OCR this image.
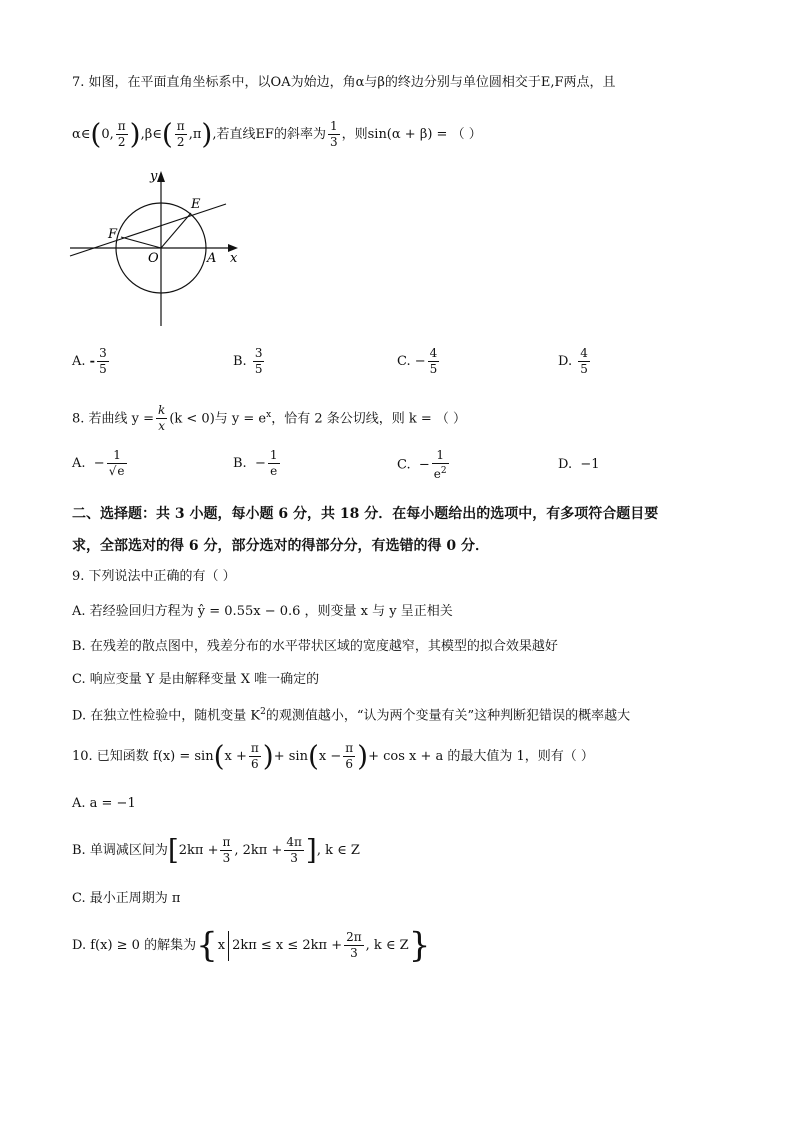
7. 如图，在平面直角坐标系中，以OA为始边，角α与β的终边分别与单位圆相交于E,F两点，且
α∈(0, $\frac{\pi}{2}$ ),β∈( $\frac{\pi}{2} ,\pi$),若直线EF的斜率为 $\frac{1}{3}$ ，则sin(α + β) = （ ）
y
x
E
F
O	A
A. - $\frac{3}{5}$	B. $\frac{3}{5}$	C. − $\frac{4}{5}$	D. $\frac{4}{5}$
8. 若曲线 $y = \frac{k}{x} (k < 0)$与 $y = e^x$，恰有 2 条公切线，则 k = （ ）
A. − $\frac{1}{√e}$	B. − $\frac{1}{e}$	C. − $\frac{1}{e^2}$	D. −1
二、选择题：共 3 小题，每小题 6 分，共 18 分．在每小题给出的选项中，有多项符合题目要
求，全部选对的得 6 分，部分选对的得部分分，有选错的得 0 分．
9. 下列说法中正确的有（ ）
A. 若经验回归方程为 ŷ = 0.55x − 0.6 ，则变量 x 与 y 呈正相关
B. 在残差的散点图中，残差分布的水平带状区域的宽度越窄，其模型的拟合效果越好
C. 响应变量 Y 是由解释变量 X 唯一确定的
D. 在独立性检验中，随机变量 $K^2$的观测值越小，“认为两个变量有关”这种判断犯错误的概率越大
10. 已知函数 $f(x) = \sin(x + \frac{\pi}{6}$ )+ $\sin(x - \frac{\pi}{6}$ )+ cos x + a 的最大值为 1，则有（ ）
A. a = −1
B. 单调减区间为[$2k\pi + \frac{\pi}{3}$ , $2k\pi + \frac{4\pi}{3}$ ], k ∈ Z
C. 最小正周期为 π
D. f(x) ≥ 0 的解集为{x $2k\pi \le x \le 2k\pi + \frac{2\pi}{3}$ , k ∈ Z}
